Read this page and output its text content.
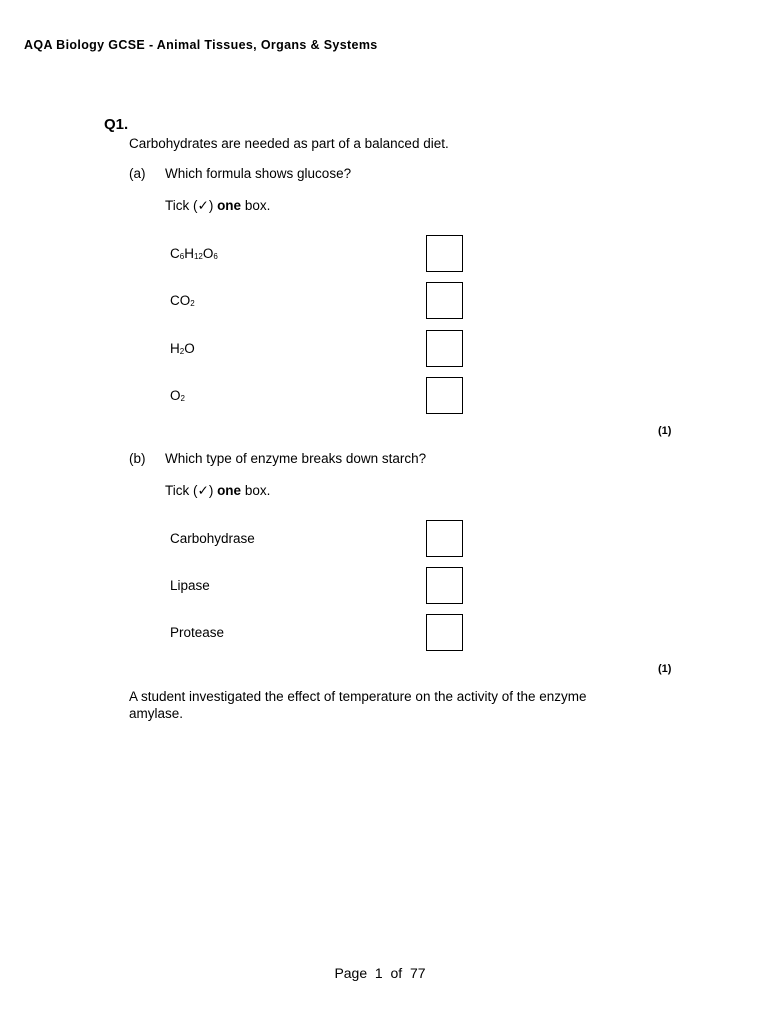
AQA Biology GCSE - Animal Tissues, Organs & Systems
Q1.
Carbohydrates are needed as part of a balanced diet.
(a) Which formula shows glucose?
Tick (✓) one box.
$C_6H_{12}O_6$
$CO_2$
$H_2O$
$O_2$
(1)
(b) Which type of enzyme breaks down starch?
Tick (✓) one box.
Carbohydrase
Lipase
Protease
(1)
A student investigated the effect of temperature on the activity of the enzyme
amylase.
Page 1 of 77
